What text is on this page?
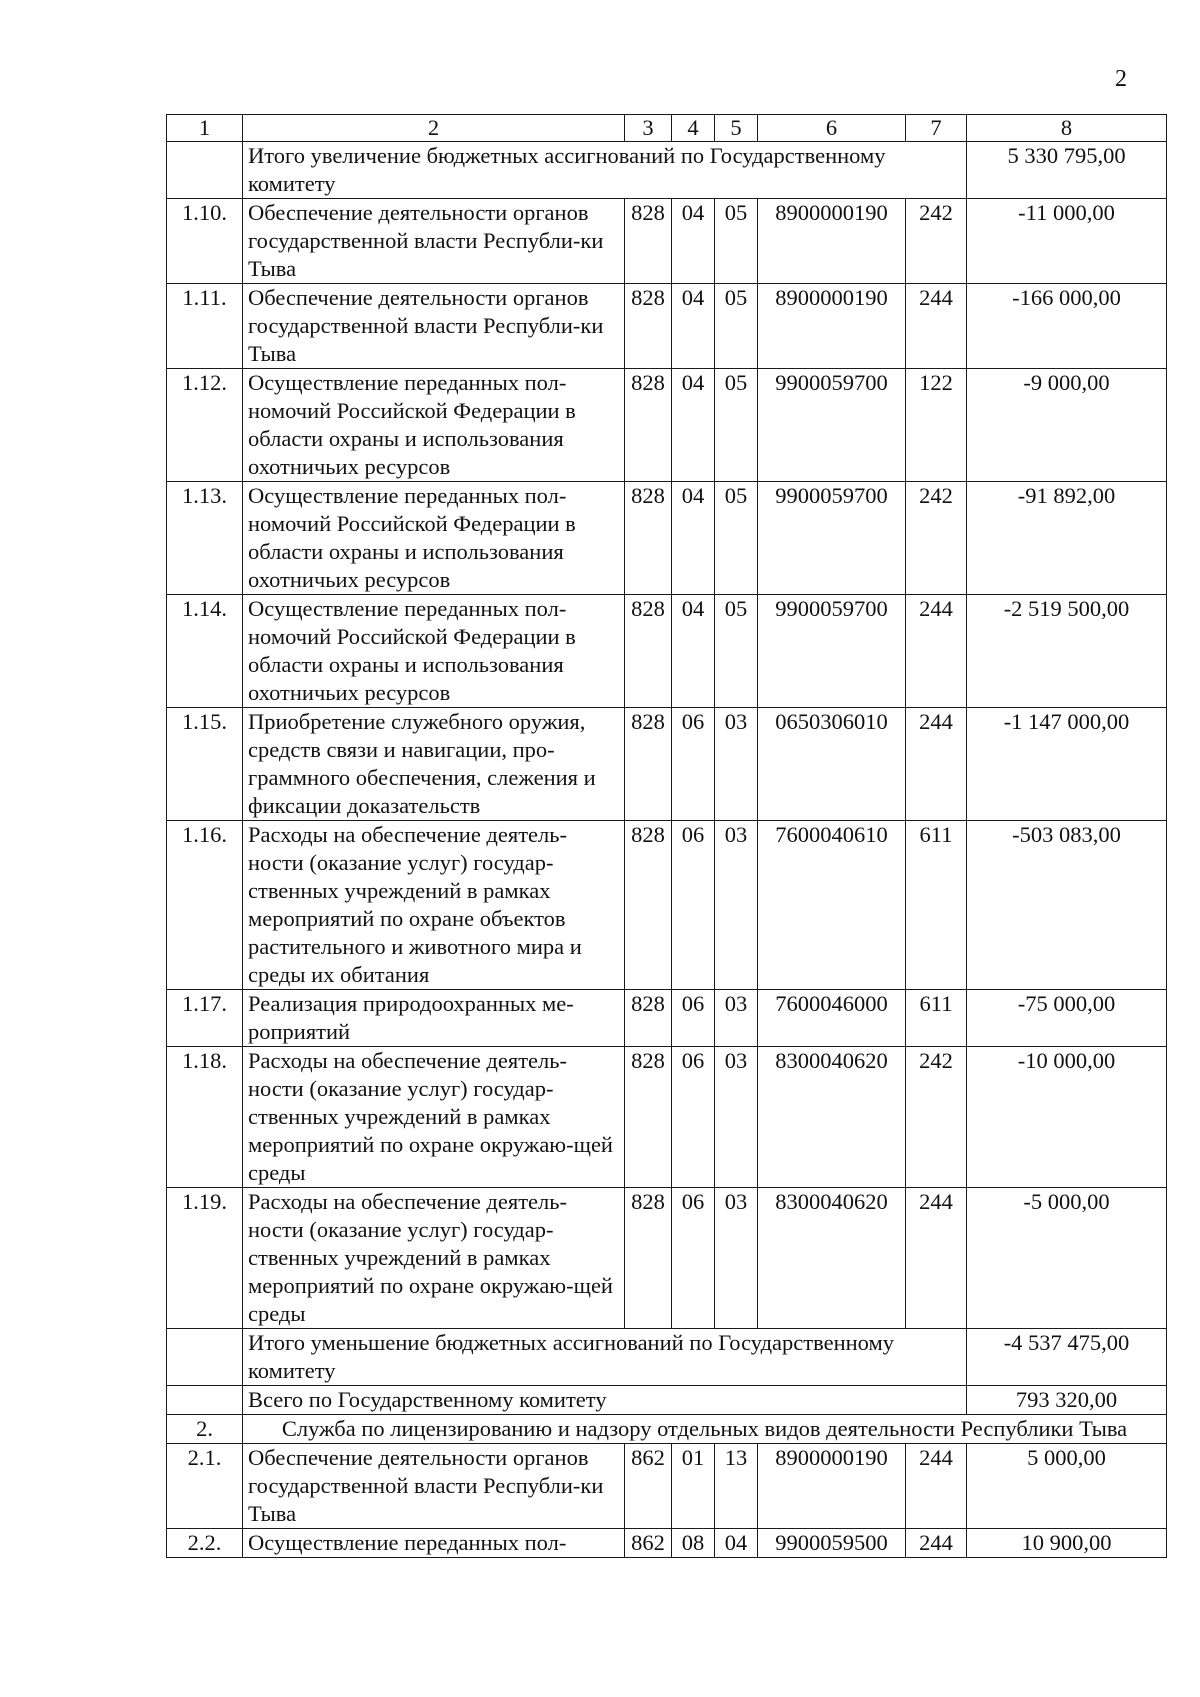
2
1	2	3	4	5	6	7	8
	Итого увеличение бюджетных ассигнований по Государственному комитету						5 330 795,00
1.10.	Обеспечение деятельности органов государственной власти Республи-ки Тыва	828	04	05	8900000190	242	-11 000,00
1.11.	Обеспечение деятельности органов государственной власти Республи-ки Тыва	828	04	05	8900000190	244	-166 000,00
1.12.	Осуществление переданных пол-номочий Российской Федерации в области охраны и использования охотничьих ресурсов	828	04	05	9900059700	122	-9 000,00
1.13.	Осуществление переданных пол-номочий Российской Федерации в области охраны и использования охотничьих ресурсов	828	04	05	9900059700	242	-91 892,00
1.14.	Осуществление переданных пол-номочий Российской Федерации в области охраны и использования охотничьих ресурсов	828	04	05	9900059700	244	-2 519 500,00
1.15.	Приобретение служебного оружия, средств связи и навигации, про-граммного обеспечения, слежения и фиксации доказательств	828	06	03	0650306010	244	-1 147 000,00
1.16.	Расходы на обеспечение деятель-ности (оказание услуг) государ-ственных учреждений в рамках мероприятий по охране объектов растительного и животного мира и среды их обитания	828	06	03	7600040610	611	-503 083,00
1.17.	Реализация природоохранных ме-роприятий	828	06	03	7600046000	611	-75 000,00
1.18.	Расходы на обеспечение деятель-ности (оказание услуг) государ-ственных учреждений в рамках мероприятий по охране окружаю-щей среды	828	06	03	8300040620	242	-10 000,00
1.19.	Расходы на обеспечение деятель-ности (оказание услуг) государ-ственных учреждений в рамках мероприятий по охране окружаю-щей среды	828	06	03	8300040620	244	-5 000,00
	Итого уменьшение бюджетных ассигнований по Государственному комитету						-4 537 475,00
	Всего по Государственному комитету						793 320,00
2.	Служба по лицензированию и надзору отдельных видов деятельности Республики Тыва						
2.1.	Обеспечение деятельности органов государственной власти Республи-ки Тыва	862	01	13	8900000190	244	5 000,00
2.2.	Осуществление переданных пол-	862	08	04	9900059500	244	10 900,00
